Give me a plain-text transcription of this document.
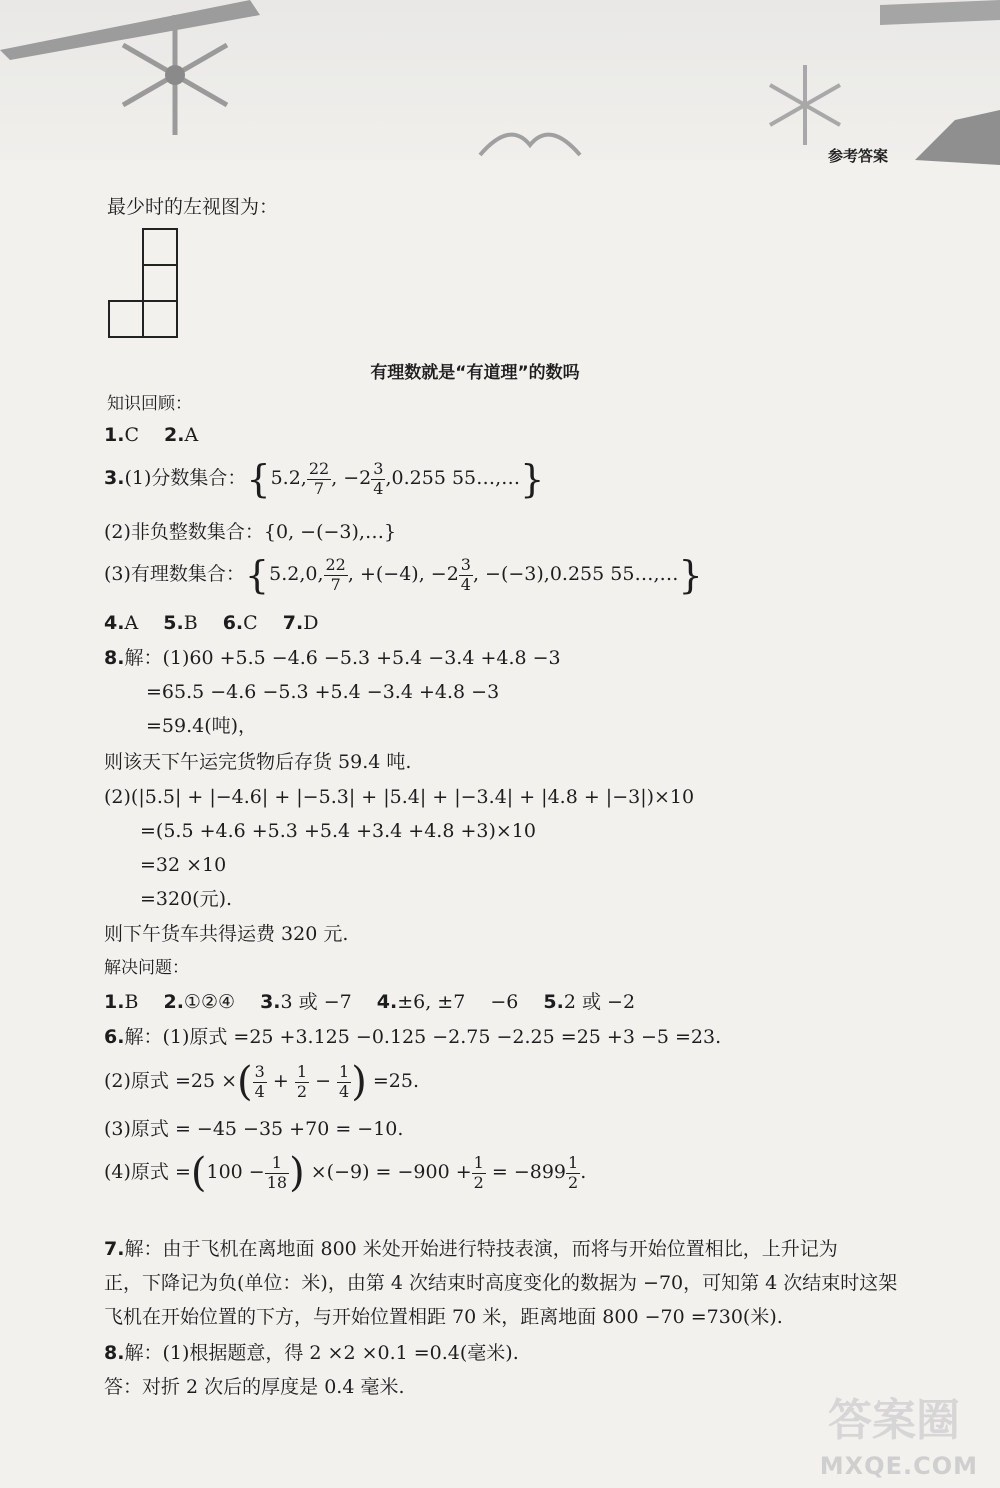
参考答案
最少时的左视图为：
有理数就是“有道理”的数吗
知识回顾：
1.C 　 2.A
3.(1)分数集合：{5.2, $\frac{22}{7}$ , $-2 \frac{3}{4} ,0.255$ 55…,…}
(2)非负整数集合：{0, −(−3),…}
(3)有理数集合：{5.2,0, $\frac{22}{7}$ , +(−4), $-2 \frac{3}{4}$ , −(−3),0.255 55…,…}
4.A 　 5.B 　 6.C 　 7.D
8.解：(1)60 +5.5 −4.6 −5.3 +5.4 −3.4 +4.8 −3
=65.5 −4.6 −5.3 +5.4 −3.4 +4.8 −3
=59.4(吨)，
则该天下午运完货物后存货 59.4 吨.
(2)(|5.5| + |−4.6| + |−5.3| + |5.4| + |−3.4| + |4.8 + |−3|)×10
=(5.5 +4.6 +5.3 +5.4 +3.4 +4.8 +3)×10
=32 ×10
=320(元).
则下午货车共得运费 320 元.
解决问题：
1.B 　 2.①②④ 　 3.3 或 −7 　 4.±6, ±7 　−6 　 5.2 或 −2
6.解：(1)原式 =25 +3.125 −0.125 −2.75 −2.25 =25 +3 −5 =23.
(2)原式 =25 ×( $\frac{3}{4} + \frac{1}{2} - \frac{1}{4}$ ) =25.
(3)原式 = −45 −35 +70 = −10.
(4)原式 $=(100 - \frac{1}{18}$ ) $\times(-9) = -900 + \frac{1}{2} = -899 \frac{1}{2}$ .
7.解：由于飞机在离地面 800 米处开始进行特技表演，而将与开始位置相比，上升记为
正，下降记为负(单位：米)，由第 4 次结束时高度变化的数据为 −70，可知第 4 次结束时这架
飞机在开始位置的下方，与开始位置相距 70 米，距离地面 800 −70 =730(米).
8.解：(1)根据题意，得 2 ×2 ×0.1 =0.4(毫米).
答：对折 2 次后的厚度是 0.4 毫米.
答案圈
MXQE.COM
